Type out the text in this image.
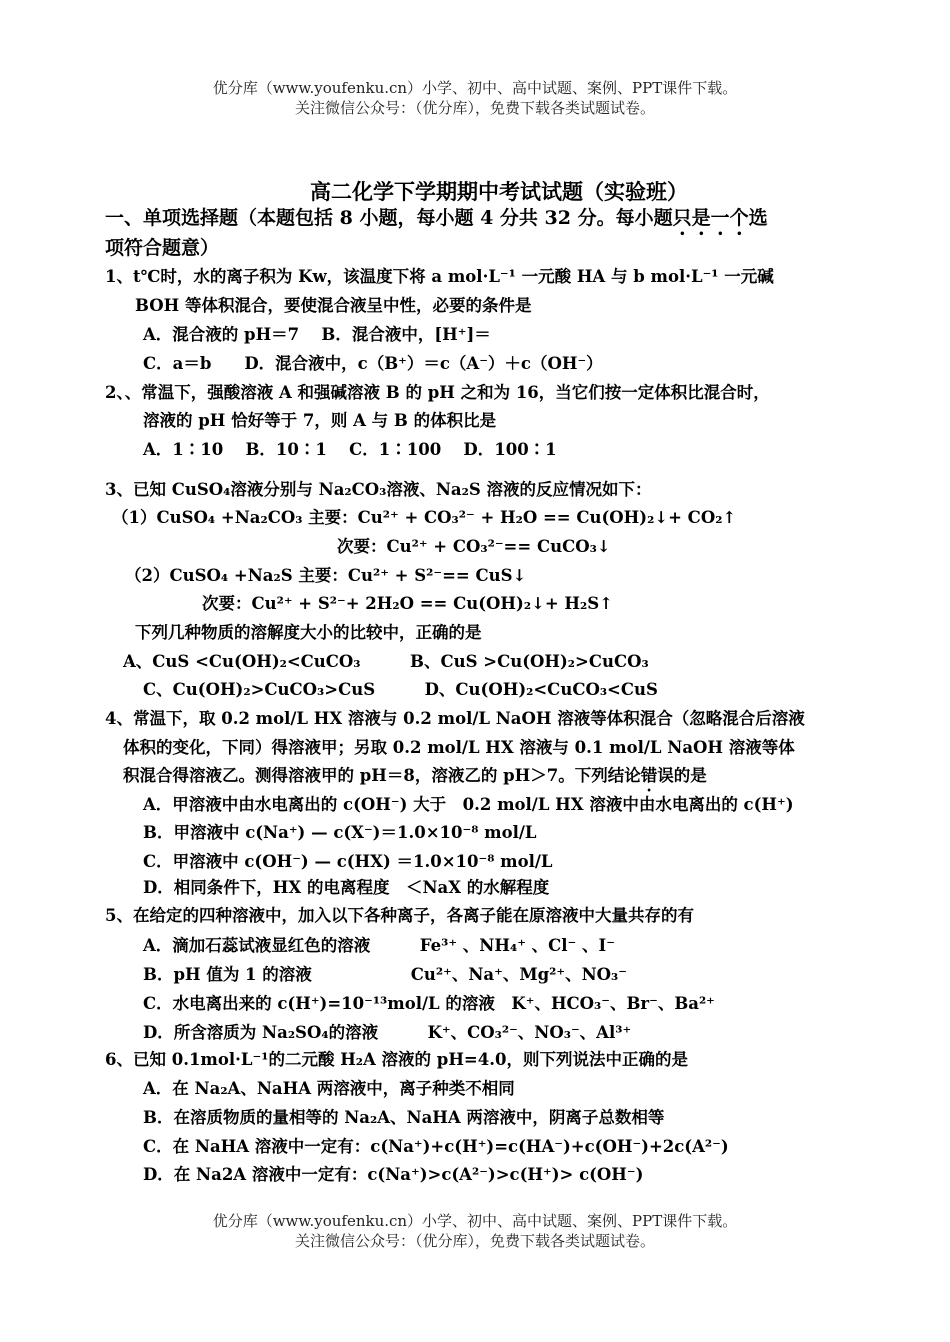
优分库（www.youfenku.cn）小学、初中、高中试题、案例、PPT课件下载。
关注微信公众号：（优分库），免费下载各类试题试卷。
高二化学下学期期中考试试题（实验班）
一、单项选择题（本题包括 8 小题，每小题 4 分共 32 分。每小题只是一个选
项符合题意）
1、t℃时，水的离子积为 Kw，该温度下将 a mol·L⁻¹ 一元酸 HA 与 b mol·L⁻¹ 一元碱
BOH 等体积混合，要使混合液呈中性，必要的条件是
A．混合液的 pH＝7　 B．混合液中，[H⁺]＝
C．a＝b　　D．混合液中，c（B⁺）＝c（A⁻）＋c（OH⁻）
2、、常温下，强酸溶液 A 和强碱溶液 B 的 pH 之和为 16，当它们按一定体积比混合时，
溶液的 pH 恰好等于 7，则 A 与 B 的体积比是
A．1∶10　 B．10∶1　 C．1∶100　 D．100∶1
3、已知 CuSO₄溶液分别与 Na₂CO₃溶液、Na₂S 溶液的反应情况如下：
（1）CuSO₄ +Na₂CO₃ 主要：Cu²⁺ + CO₃²⁻ + H₂O == Cu(OH)₂↓+ CO₂↑
次要：Cu²⁺ + CO₃²⁻== CuCO₃↓
（2）CuSO₄ +Na₂S 主要：Cu²⁺ + S²⁻== CuS↓
次要：Cu²⁺ + S²⁻+ 2H₂O == Cu(OH)₂↓+ H₂S↑
下列几种物质的溶解度大小的比较中，正确的是
A、CuS <Cu(OH)₂<CuCO₃　　　B、CuS >Cu(OH)₂>CuCO₃
C、Cu(OH)₂>CuCO₃>CuS　　　D、Cu(OH)₂<CuCO₃<CuS
4、常温下，取 0.2 mol/L HX 溶液与 0.2 mol/L NaOH 溶液等体积混合（忽略混合后溶液
体积的变化，下同）得溶液甲；另取 0.2 mol/L HX 溶液与 0.1 mol/L NaOH 溶液等体
积混合得溶液乙。测得溶液甲的 pH＝8，溶液乙的 pH＞7。下列结论错误的是
A．甲溶液中由水电离出的 c(OH⁻) 大于　0.2 mol/L HX 溶液中由水电离出的 c(H⁺)
B．甲溶液中 c(Na⁺) — c(X⁻)＝1.0×10⁻⁸ mol/L
C．甲溶液中 c(OH⁻) — c(HX) ＝1.0×10⁻⁸ mol/L
D．相同条件下，HX 的电离程度　＜NaX 的水解程度
5、在给定的四种溶液中，加入以下各种离子，各离子能在原溶液中大量共存的有
A．滴加石蕊试液显红色的溶液　　　Fe³⁺ 、NH₄⁺ 、Cl⁻ 、I⁻
B．pH 值为 1 的溶液　　　　　　Cu²⁺、Na⁺、Mg²⁺、NO₃⁻
C．水电离出来的 c(H⁺)=10⁻¹³mol/L 的溶液　K⁺、HCO₃⁻、Br⁻、Ba²⁺
D．所含溶质为 Na₂SO₄的溶液　　　K⁺、CO₃²⁻、NO₃⁻、Al³⁺
6、已知 0.1mol·L⁻¹的二元酸 H₂A 溶液的 pH=4.0，则下列说法中正确的是
A．在 Na₂A、NaHA 两溶液中，离子种类不相同
B．在溶质物质的量相等的 Na₂A、NaHA 两溶液中，阴离子总数相等
C．在 NaHA 溶液中一定有：c(Na⁺)+c(H⁺)=c(HA⁻)+c(OH⁻)+2c(A²⁻)
D．在 Na2A 溶液中一定有：c(Na⁺)>c(A²⁻)>c(H⁺)> c(OH⁻)
优分库（www.youfenku.cn）小学、初中、高中试题、案例、PPT课件下载。
关注微信公众号：（优分库），免费下载各类试题试卷。
